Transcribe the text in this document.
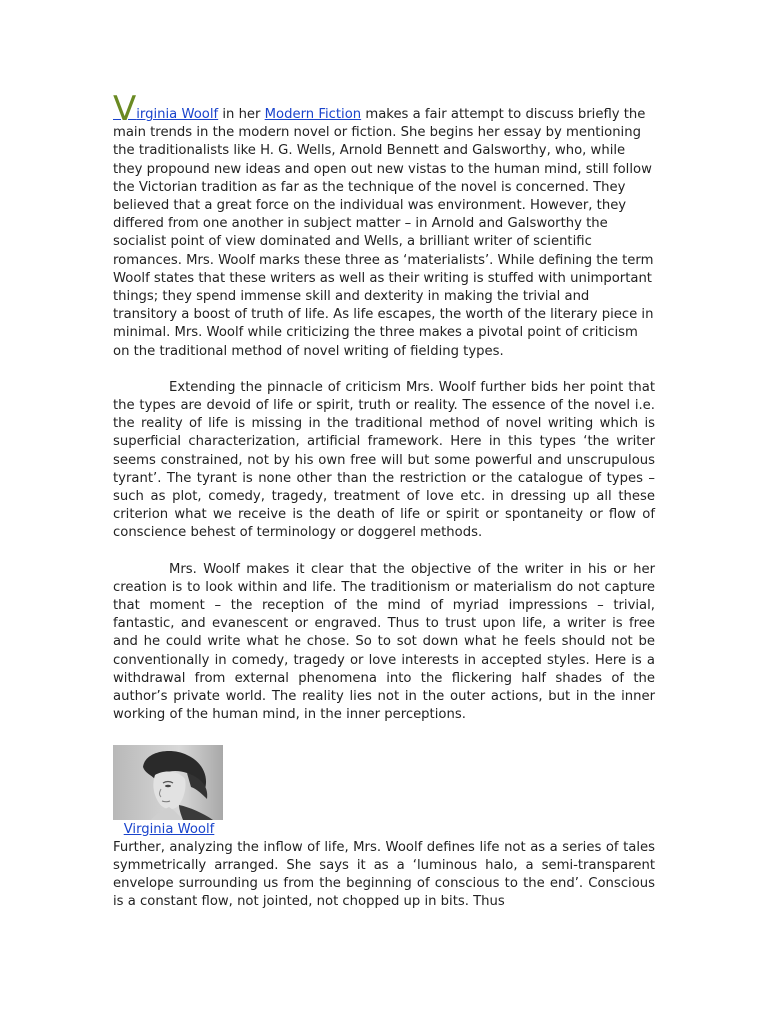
Virginia Woolf in her Modern Fiction makes a fair attempt to discuss briefly the main trends in the modern novel or fiction. She begins her essay by mentioning the traditionalists like H. G. Wells, Arnold Bennett and Galsworthy, who, while they propound new ideas and open out new vistas to the human mind, still follow the Victorian tradition as far as the technique of the novel is concerned. They believed that a great force on the individual was environment. However, they differed from one another in subject matter – in Arnold and Galsworthy the socialist point of view dominated and Wells, a brilliant writer of scientific romances. Mrs. Woolf marks these three as ‘materialists’. While defining the term Woolf states that these writers as well as their writing is stuffed with unimportant things; they spend immense skill and dexterity in making the trivial and transitory a boost of truth of life. As life escapes, the worth of the literary piece in minimal. Mrs. Woolf while criticizing the three makes a pivotal point of criticism on the traditional method of novel writing of fielding types.

Extending the pinnacle of criticism Mrs. Woolf further bids her point that the types are devoid of life or spirit, truth or reality. The essence of the novel i.e. the reality of life is missing in the traditional method of novel writing which is superficial characterization, artificial framework. Here in this types ‘the writer seems constrained, not by his own free will but some powerful and unscrupulous tyrant’. The tyrant is none other than the restriction or the catalogue of types – such as plot, comedy, tragedy, treatment of love etc. in dressing up all these criterion what we receive is the death of life or spirit or spontaneity or flow of conscience behest of terminology or doggerel methods.

Mrs. Woolf makes it clear that the objective of the writer in his or her creation is to look within and life. The traditionism or materialism do not capture that moment – the reception of the mind of myriad impressions – trivial, fantastic, and evanescent or engraved. Thus to trust upon life, a writer is free and he could write what he chose. So to sot down what he feels should not be conventionally in comedy, tragedy or love interests in accepted styles. Here is a withdrawal from external phenomena into the flickering half shades of the author’s private world. The reality lies not in the outer actions, but in the inner working of the human mind, in the inner perceptions.

Virginia Woolf

Further, analyzing the inflow of life, Mrs. Woolf defines life not as a series of tales symmetrically arranged. She says it as a ‘luminous halo, a semi-transparent envelope surrounding us from the beginning of conscious to the end’. Conscious is a constant flow, not jointed, not chopped up in bits. Thus
